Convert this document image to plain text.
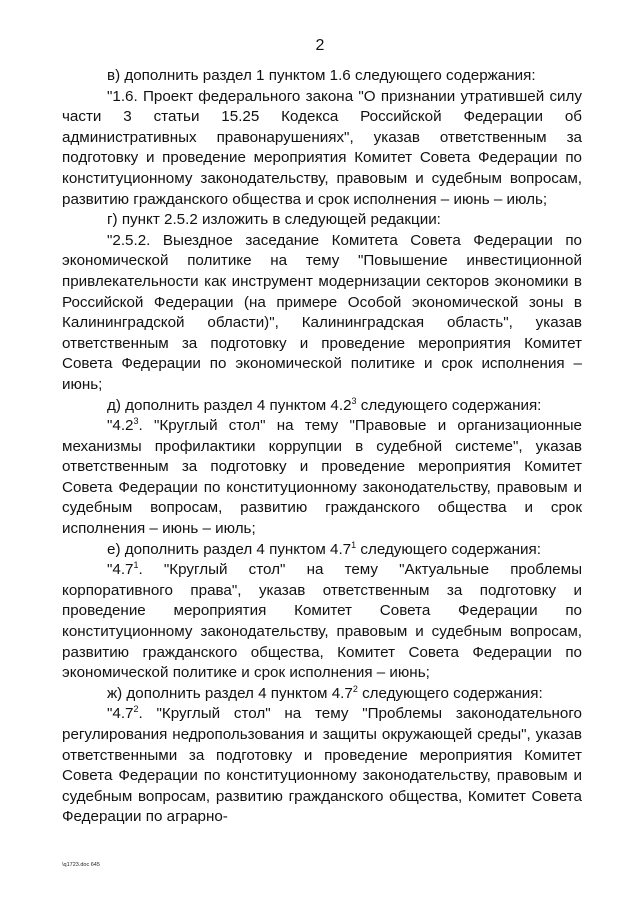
2

в) дополнить раздел 1 пунктом 1.6 следующего содержания:

"1.6. Проект федерального закона "О признании утратившей силу части 3 статьи 15.25 Кодекса Российской Федерации об административных правонарушениях", указав ответственным за подготовку и проведение мероприятия Комитет Совета Федерации по конституционному законодательству, правовым и судебным вопросам, развитию гражданского общества и срок исполнения – июнь – июль;

г) пункт 2.5.2 изложить в следующей редакции:

"2.5.2. Выездное заседание Комитета Совета Федерации по экономической политике на тему "Повышение инвестиционной привлекательности как инструмент модернизации секторов экономики в Российской Федерации (на примере Особой экономической зоны в Калининградской области)", Калининградская область", указав ответственным за подготовку и проведение мероприятия Комитет Совета Федерации по экономической политике и срок исполнения – июнь;

д) дополнить раздел 4 пунктом $4.2^3$ следующего содержания:

"$4.2^3$. "Круглый стол" на тему "Правовые и организационные механизмы профилактики коррупции в судебной системе", указав ответственным за подготовку и проведение мероприятия Комитет Совета Федерации по конституционному законодательству, правовым и судебным вопросам, развитию гражданского общества и срок исполнения – июнь – июль;

е) дополнить раздел 4 пунктом $4.7^1$ следующего содержания:

"$4.7^1$. "Круглый стол" на тему "Актуальные проблемы корпоративного права", указав ответственным за подготовку и проведение мероприятия Комитет Совета Федерации по конституционному законодательству, правовым и судебным вопросам, развитию гражданского общества, Комитет Совета Федерации по экономической политике и срок исполнения – июнь;

ж) дополнить раздел 4 пунктом $4.7^2$ следующего содержания:

"$4.7^2$. "Круглый стол" на тему "Проблемы законодательного регулирования недропользования и защиты окружающей среды", указав ответственными за подготовку и проведение мероприятия Комитет Совета Федерации по конституционному законодательству, правовым и судебным вопросам, развитию гражданского общества, Комитет Совета Федерации по аграрно-

\q1723.doc 645
